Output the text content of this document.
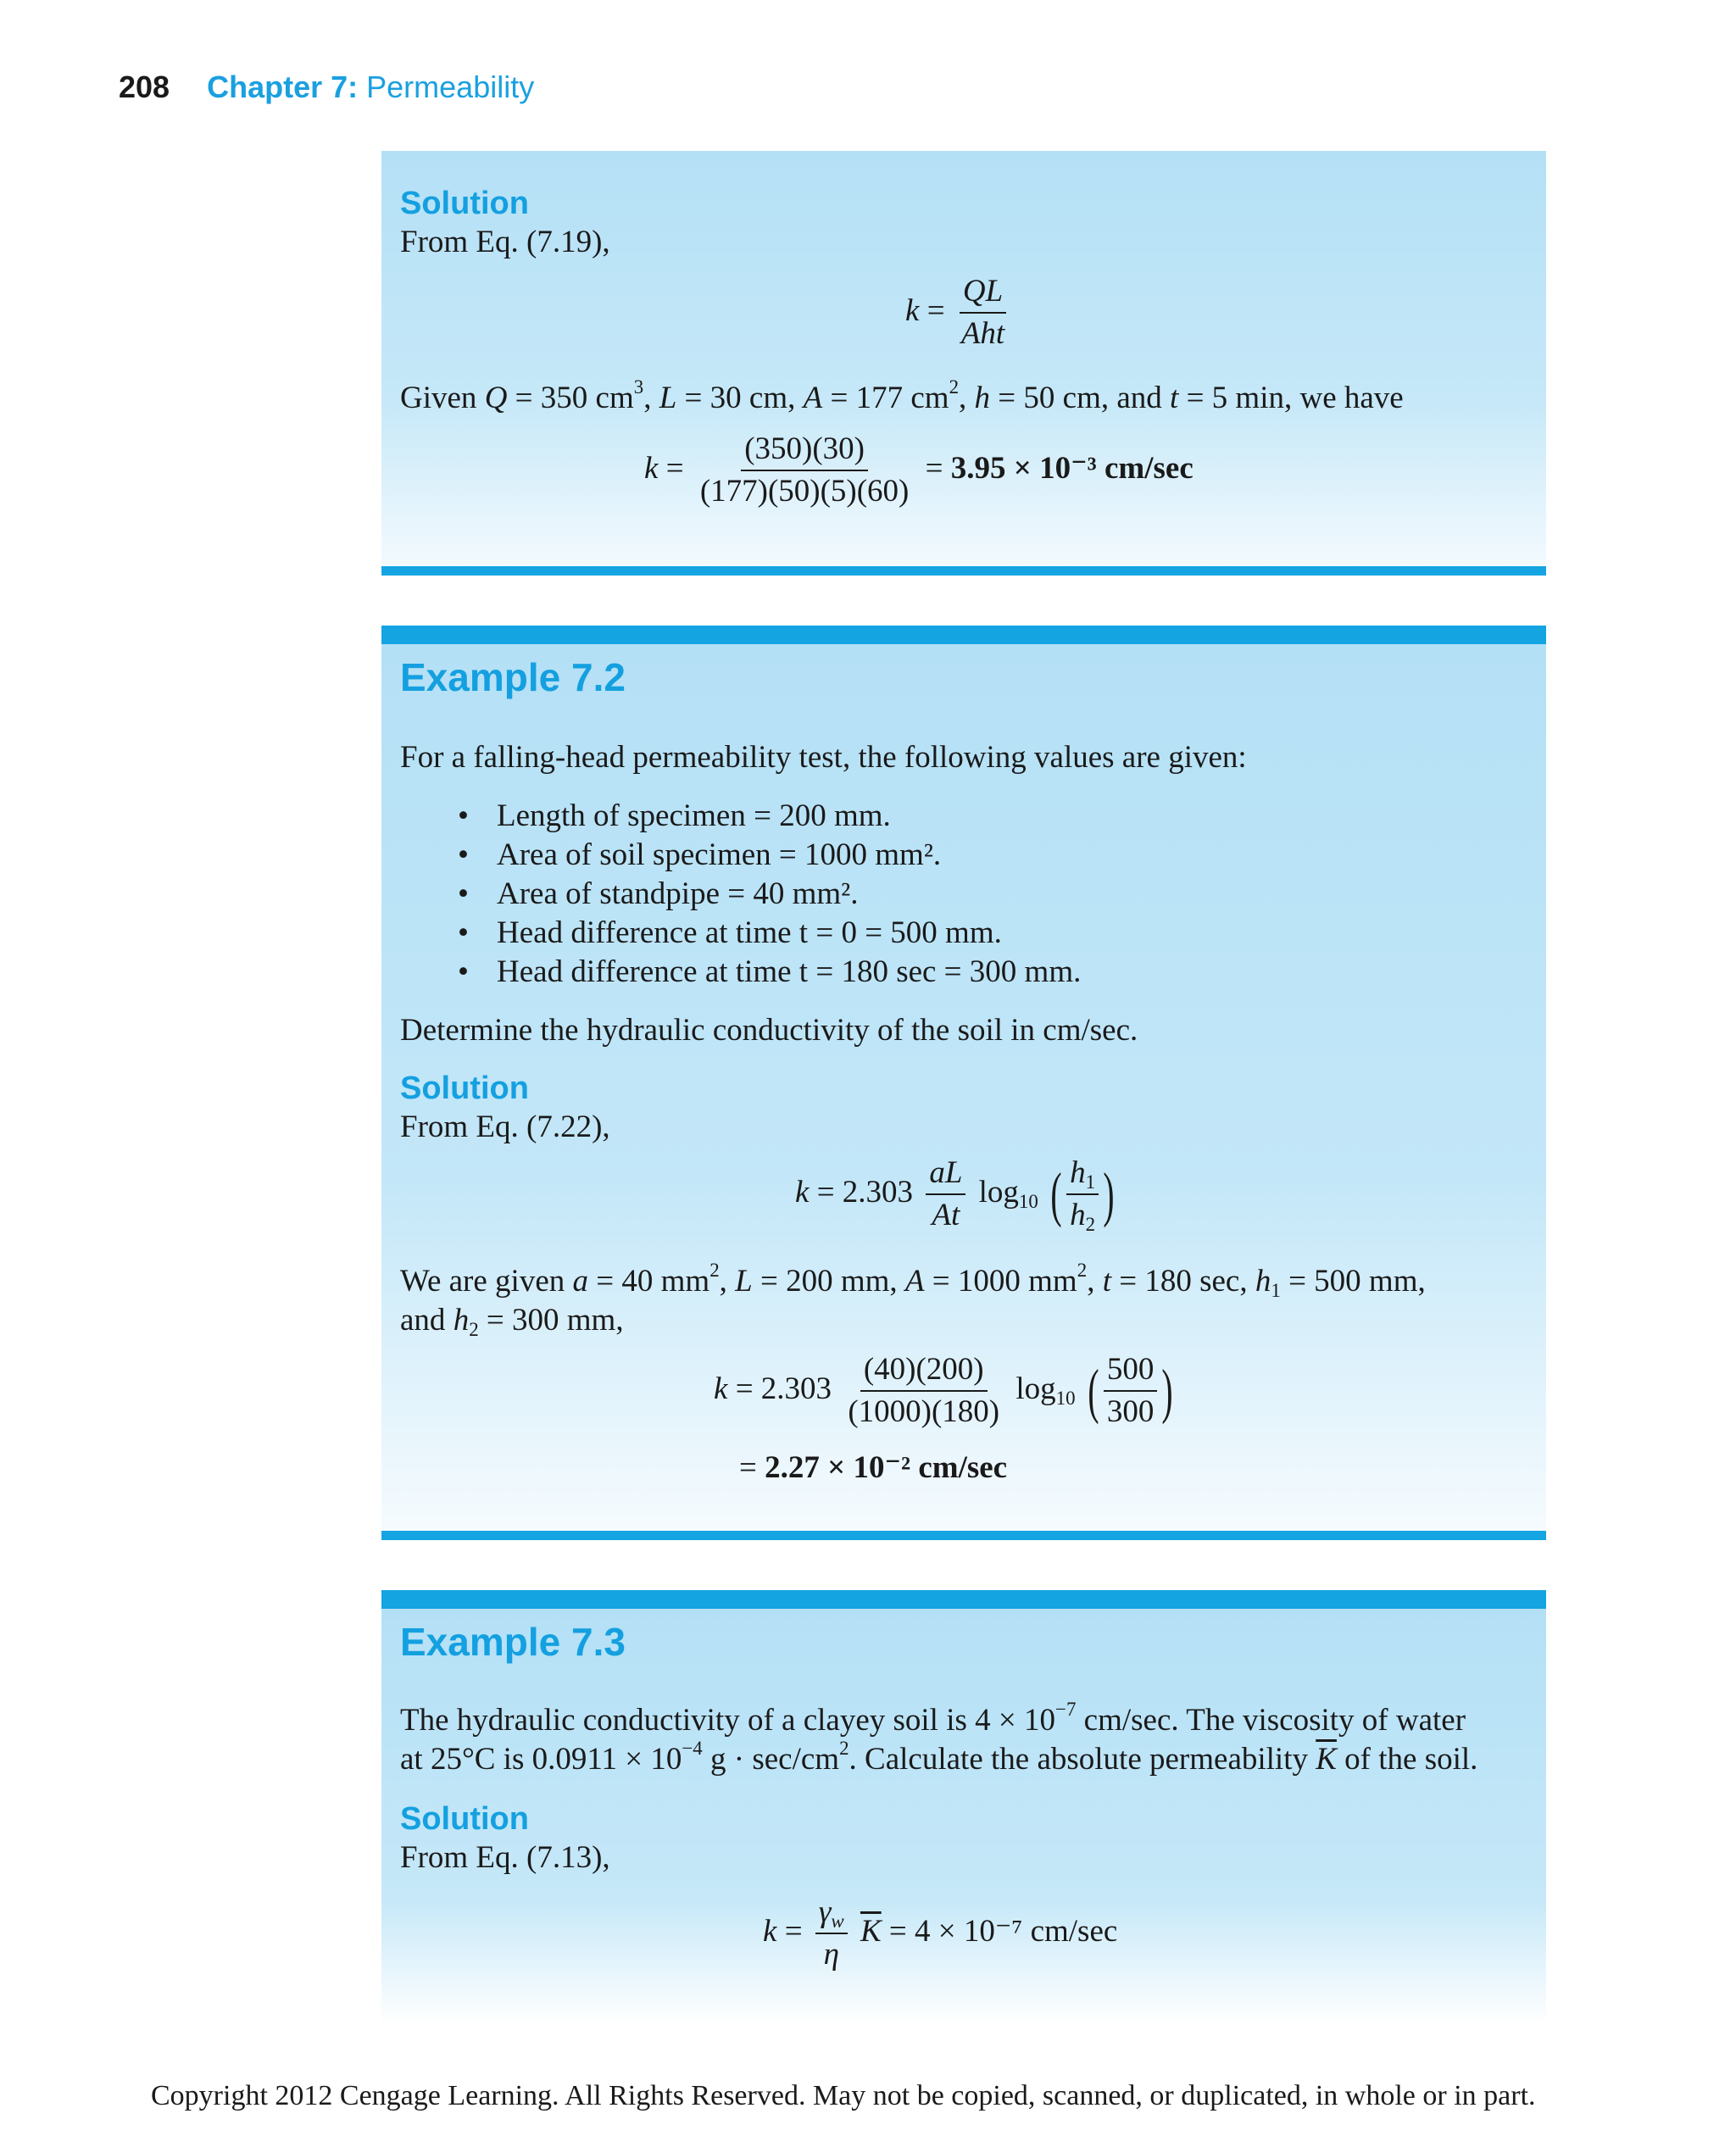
208 Chapter 7: Permeability
Solution
From Eq. (7.19),
$k = \frac{QL}{\text{Aht}}$
Given Q = 350 $cm^3$, L = 30 cm, A = 177 $cm^2$, h = 50 cm, and t = 5 min, we have
$k = \frac{(350)(30)}{(177)(50)(5)(60)} = 3.95 \times 10^{-3}$ cm/sec
Example 7.2
For a falling-head permeability test, the following values are given:
• Length of specimen = 200 mm.
• Area of soil specimen = 1000 mm².
• Area of standpipe = 40 mm².
• Head difference at time t = 0 = 500 mm.
• Head difference at time t = 180 sec = 300 mm.
Determine the hydraulic conductivity of the soil in cm/sec.
Solution
From Eq. (7.22),
$k = 2.303 \frac{aL}{At} \log_{10}$ ( $\frac{h_1}{h_2}$ )
We are given a = 40 $mm^2$, L = 200 mm, A = 1000 $mm^2$, t = 180 sec, $h_1 = 500$ mm,
and $h_2 = 300$ mm,
$k = 2.303 \frac{(40)(200)}{(1000)(180)} \log_{10}$ ( $\frac{500}{300}$ )
= 2.27 × 10⁻² cm/sec
Example 7.3
The hydraulic conductivity of a clayey soil is $4 \times 10^{-7}$ cm/sec. The viscosity of water
at 25°C is $0.0911 \times 10^{-4}$ $g \cdot \sec/cm^2$. Calculate the absolute permeability $\overline{K}$ of the soil.
Solution
From Eq. (7.13),
$k = \frac{\gamma_w}{\eta} \overline{K} = 4 \times 10^{-7}$ cm/sec
Copyright 2012 Cengage Learning. All Rights Reserved. May not be copied, scanned, or duplicated, in whole or in part.
